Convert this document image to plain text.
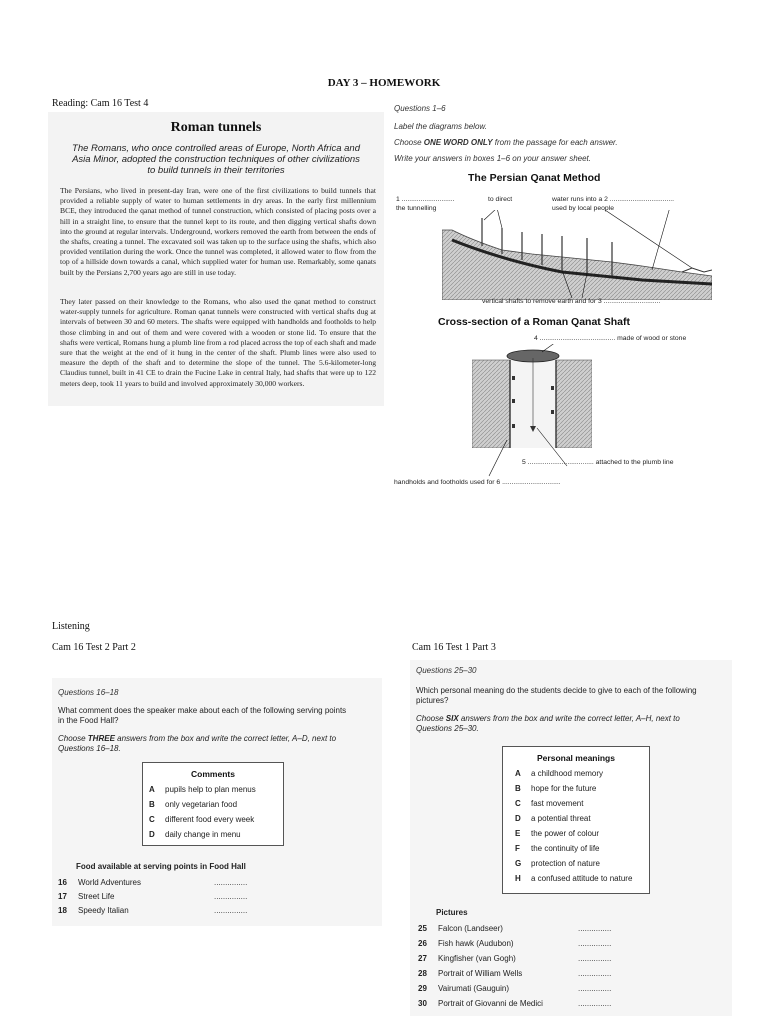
DAY 3 – HOMEWORK
Reading: Cam 16 Test 4
Roman tunnels
The Romans, who once controlled areas of Europe, North Africa and Asia Minor, adopted the construction techniques of other civilizations to build tunnels in their territories
The Persians, who lived in present-day Iran, were one of the first civilizations to build tunnels that provided a reliable supply of water to human settlements in dry areas. In the early first millennium BCE, they introduced the qanat method of tunnel construction, which consisted of placing posts over a hill in a straight line, to ensure that the tunnel kept to its route, and then digging vertical shafts down into the ground at regular intervals. Underground, workers removed the earth from between the ends of the shafts, creating a tunnel. The excavated soil was taken up to the surface using the shafts, which also provided ventilation during the work. Once the tunnel was completed, it allowed water to flow from the top of a hillside down towards a canal, which supplied water for human use. Remarkably, some qanats built by the Persians 2,700 years ago are still in use today.
They later passed on their knowledge to the Romans, who also used the qanat method to construct water-supply tunnels for agriculture. Roman qanat tunnels were constructed with vertical shafts dug at intervals of between 30 and 60 meters. The shafts were equipped with handholds and footholds to help those climbing in and out of them and were covered with a wooden or stone lid. To ensure that the shafts were vertical, Romans hung a plumb line from a rod placed across the top of each shaft and made sure that the weight at the end of it hung in the center of the shaft. Plumb lines were also used to measure the depth of the shaft and to determine the slope of the tunnel. The 5.6-kilometer-long Claudius tunnel, built in 41 CE to drain the Fucine Lake in central Italy, had shafts that were up to 122 meters deep, took 11 years to build and involved approximately 30,000 workers.
Questions 1–6
Label the diagrams below.
Choose ONE WORD ONLY from the passage for each answer.
Write your answers in boxes 1–6 on your answer sheet.
The Persian Qanat Method
1 ............................
the tunnelling
to direct	water runs into a 2 ..................................
used by local people
vertical shafts to remove earth and for 3 ..............................
Cross-section of a Roman Qanat Shaft
4 ........................................ made of wood or stone
5 ................................... attached to the plumb line
handholds and footholds used for 6 ...............................
Listening
Cam 16 Test 2 Part 2	Cam 16 Test 1 Part 3
Questions 16–18
What comment does the speaker make about each of the following serving points in the Food Hall?
Choose THREE answers from the box and write the correct letter, A–D, next to Questions 16–18.
Comments
A pupils help to plan menus
B only vegetarian food
C different food every week
D daily change in menu
Food available at serving points in Food Hall
16 World Adventures	...............
17 Street Life	...............
18 Speedy Italian	...............
Questions 25–30
Which personal meaning do the students decide to give to each of the following pictures?
Choose SIX answers from the box and write the correct letter, A–H, next to Questions 25–30.
Personal meanings
A a childhood memory
B hope for the future
C fast movement
D a potential threat
E the power of colour
F the continuity of life
G protection of nature
H a confused attitude to nature
Pictures
25 Falcon (Landseer)	...............
26 Fish hawk (Audubon)	...............
27 Kingfisher (van Gogh)	...............
28 Portrait of William Wells	...............
29 Vairumati (Gauguin)	...............
30 Portrait of Giovanni de Medici	...............
